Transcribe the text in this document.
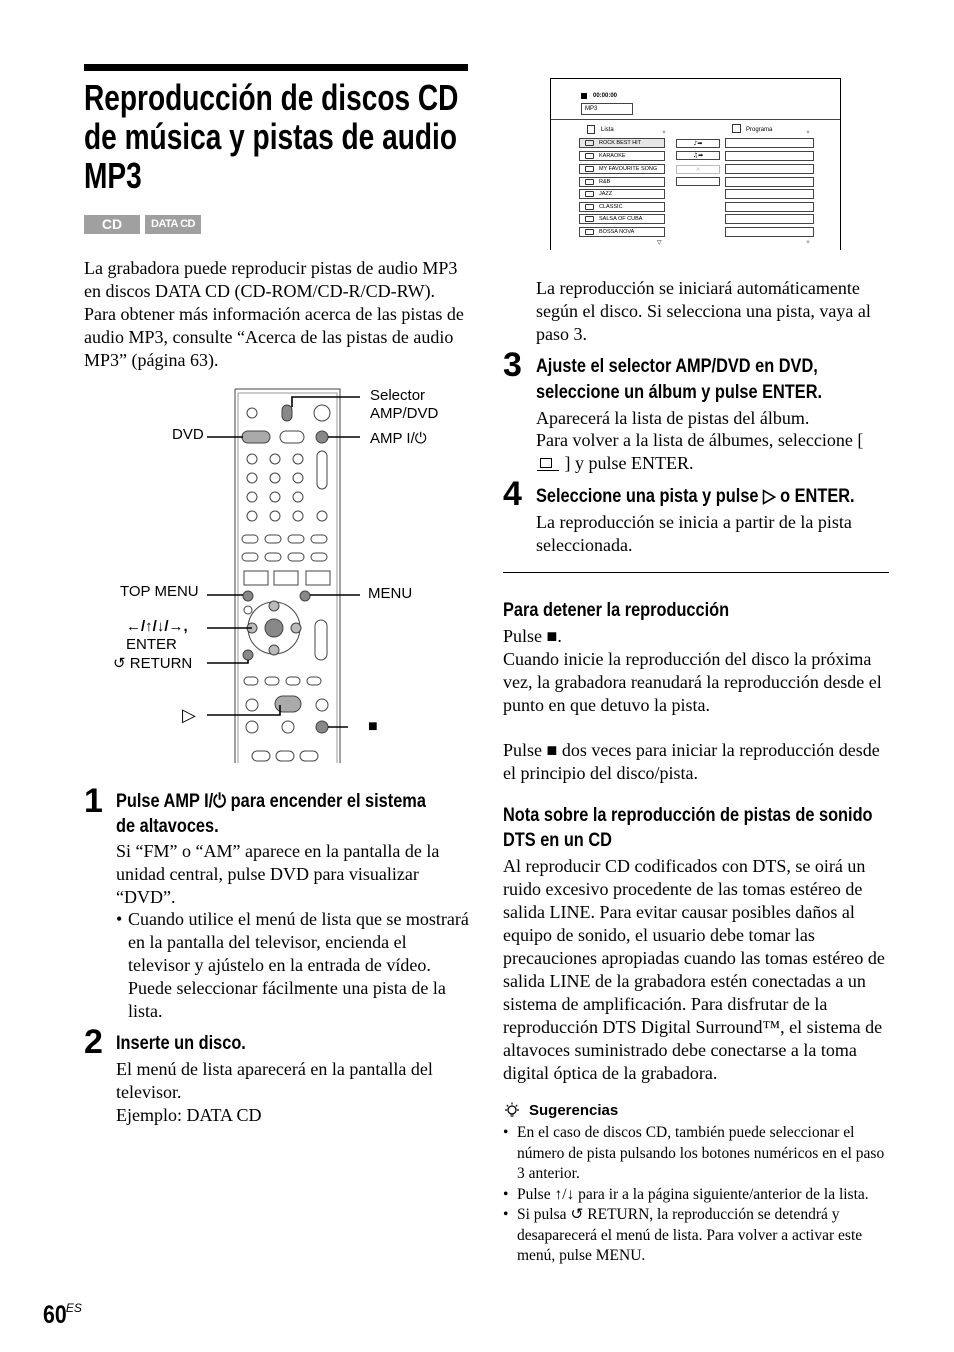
Reproducción de discos CD
de música y pistas de audio
MP3
CD	DATA CD
La grabadora puede reproducir pistas de audio MP3 en discos DATA CD (CD-ROM/CD-R/CD-RW). Para obtener más información acerca de las pistas de audio MP3, consulte “Acerca de las pistas de audio MP3” (página 63).
Selector
AMP/DVD
DVD	AMP I/⏻
TOP MENU	MENU
←/↑/↓/→,
ENTER
↺ RETURN
▷
■
1 Pulse AMP I/⏻ para encender el sistema
de altavoces.
Si “FM” o “AM” aparece en la pantalla de la unidad central, pulse DVD para visualizar “DVD”.
• Cuando utilice el menú de lista que se mostrará en la pantalla del televisor, encienda el televisor y ajústelo en la entrada de vídeo. Puede seleccionar fácilmente una pista de la lista.
2 Inserte un disco.
El menú de lista aparecerá en la pantalla del televisor.
Ejemplo: DATA CD
$60^{ES}$
00:00:00
MP3
Lista	Programa
▲	▲
ROCK BEST HIT
KARAOKE
MY FAVOURITE SONG
R&B
JAZZ
CLASSIC
SALSA OF CUBA
BOSSA NOVA
▽
♪➡
♫➡
⨯
▼
La reproducción se iniciará automáticamente según el disco. Si selecciona una pista, vaya al paso 3.
3 Ajuste el selector AMP/DVD en DVD,
seleccione un álbum y pulse ENTER.
Aparecerá la lista de pistas del álbum.
Para volver a la lista de álbumes, seleccione [
] y pulse ENTER.
4 Seleccione una pista y pulse ▷ o ENTER.
La reproducción se inicia a partir de la pista seleccionada.
Para detener la reproducción
Pulse ■.
Cuando inicie la reproducción del disco la próxima vez, la grabadora reanudará la reproducción desde el punto en que detuvo la pista.
Pulse ■ dos veces para iniciar la reproducción desde el principio del disco/pista.
Nota sobre la reproducción de pistas de sonido
DTS en un CD
Al reproducir CD codificados con DTS, se oirá un ruido excesivo procedente de las tomas estéreo de salida LINE. Para evitar causar posibles daños al equipo de sonido, el usuario debe tomar las precauciones apropiadas cuando las tomas estéreo de salida LINE de la grabadora estén conectadas a un sistema de amplificación. Para disfrutar de la reproducción DTS Digital Surround™, el sistema de altavoces suministrado debe conectarse a la toma digital óptica de la grabadora.
Sugerencias
• En el caso de discos CD, también puede seleccionar el número de pista pulsando los botones numéricos en el paso 3 anterior.
• Pulse ↑/↓ para ir a la página siguiente/anterior de la lista.
• Si pulsa ↺ RETURN, la reproducción se detendrá y desaparecerá el menú de lista. Para volver a activar este menú, pulse MENU.
